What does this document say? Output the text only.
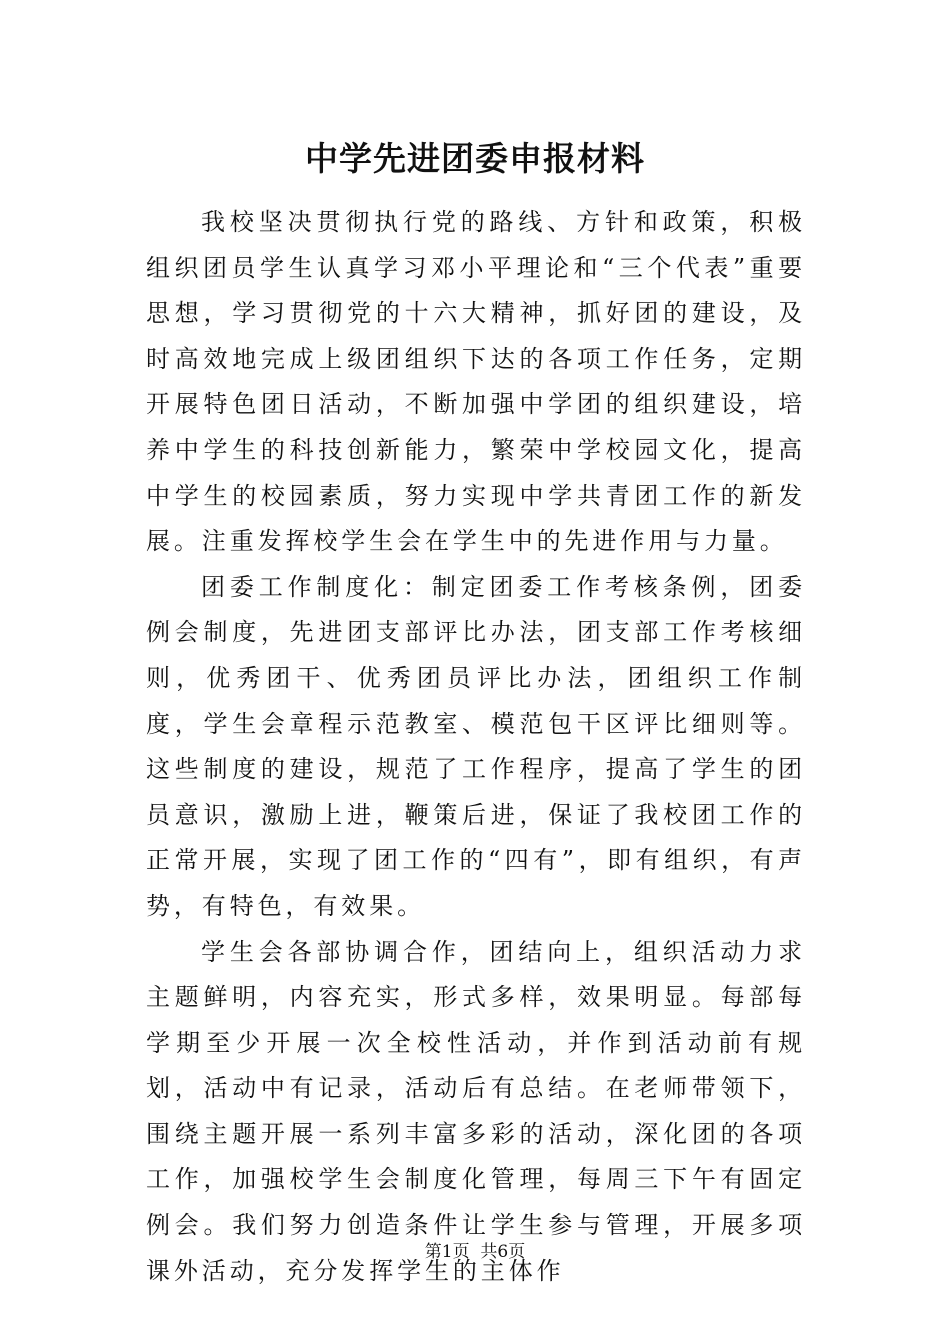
中学先进团委申报材料

我校坚决贯彻执行党的路线、方针和政策，积极组织团员学生认真学习邓小平理论和“三个代表”重要思想，学习贯彻党的十六大精神，抓好团的建设，及时高效地完成上级团组织下达的各项工作任务，定期开展特色团日活动，不断加强中学团的组织建设，培养中学生的科技创新能力，繁荣中学校园文化，提高中学生的校园素质，努力实现中学共青团工作的新发展。注重发挥校学生会在学生中的先进作用与力量。

团委工作制度化：制定团委工作考核条例，团委例会制度，先进团支部评比办法，团支部工作考核细则，优秀团干、优秀团员评比办法，团组织工作制度，学生会章程示范教室、模范包干区评比细则等。这些制度的建设，规范了工作程序，提高了学生的团员意识，激励上进，鞭策后进，保证了我校团工作的正常开展，实现了团工作的“四有”，即有组织，有声势，有特色，有效果。

学生会各部协调合作，团结向上，组织活动力求主题鲜明，内容充实，形式多样，效果明显。每部每学期至少开展一次全校性活动，并作到活动前有规划，活动中有记录，活动后有总结。在老师带领下，围绕主题开展一系列丰富多彩的活动，深化团的各项工作，加强校学生会制度化管理，每周三下午有固定例会。我们努力创造条件让学生参与管理，开展多项课外活动，充分发挥学生的主体作

第1页  共6页
